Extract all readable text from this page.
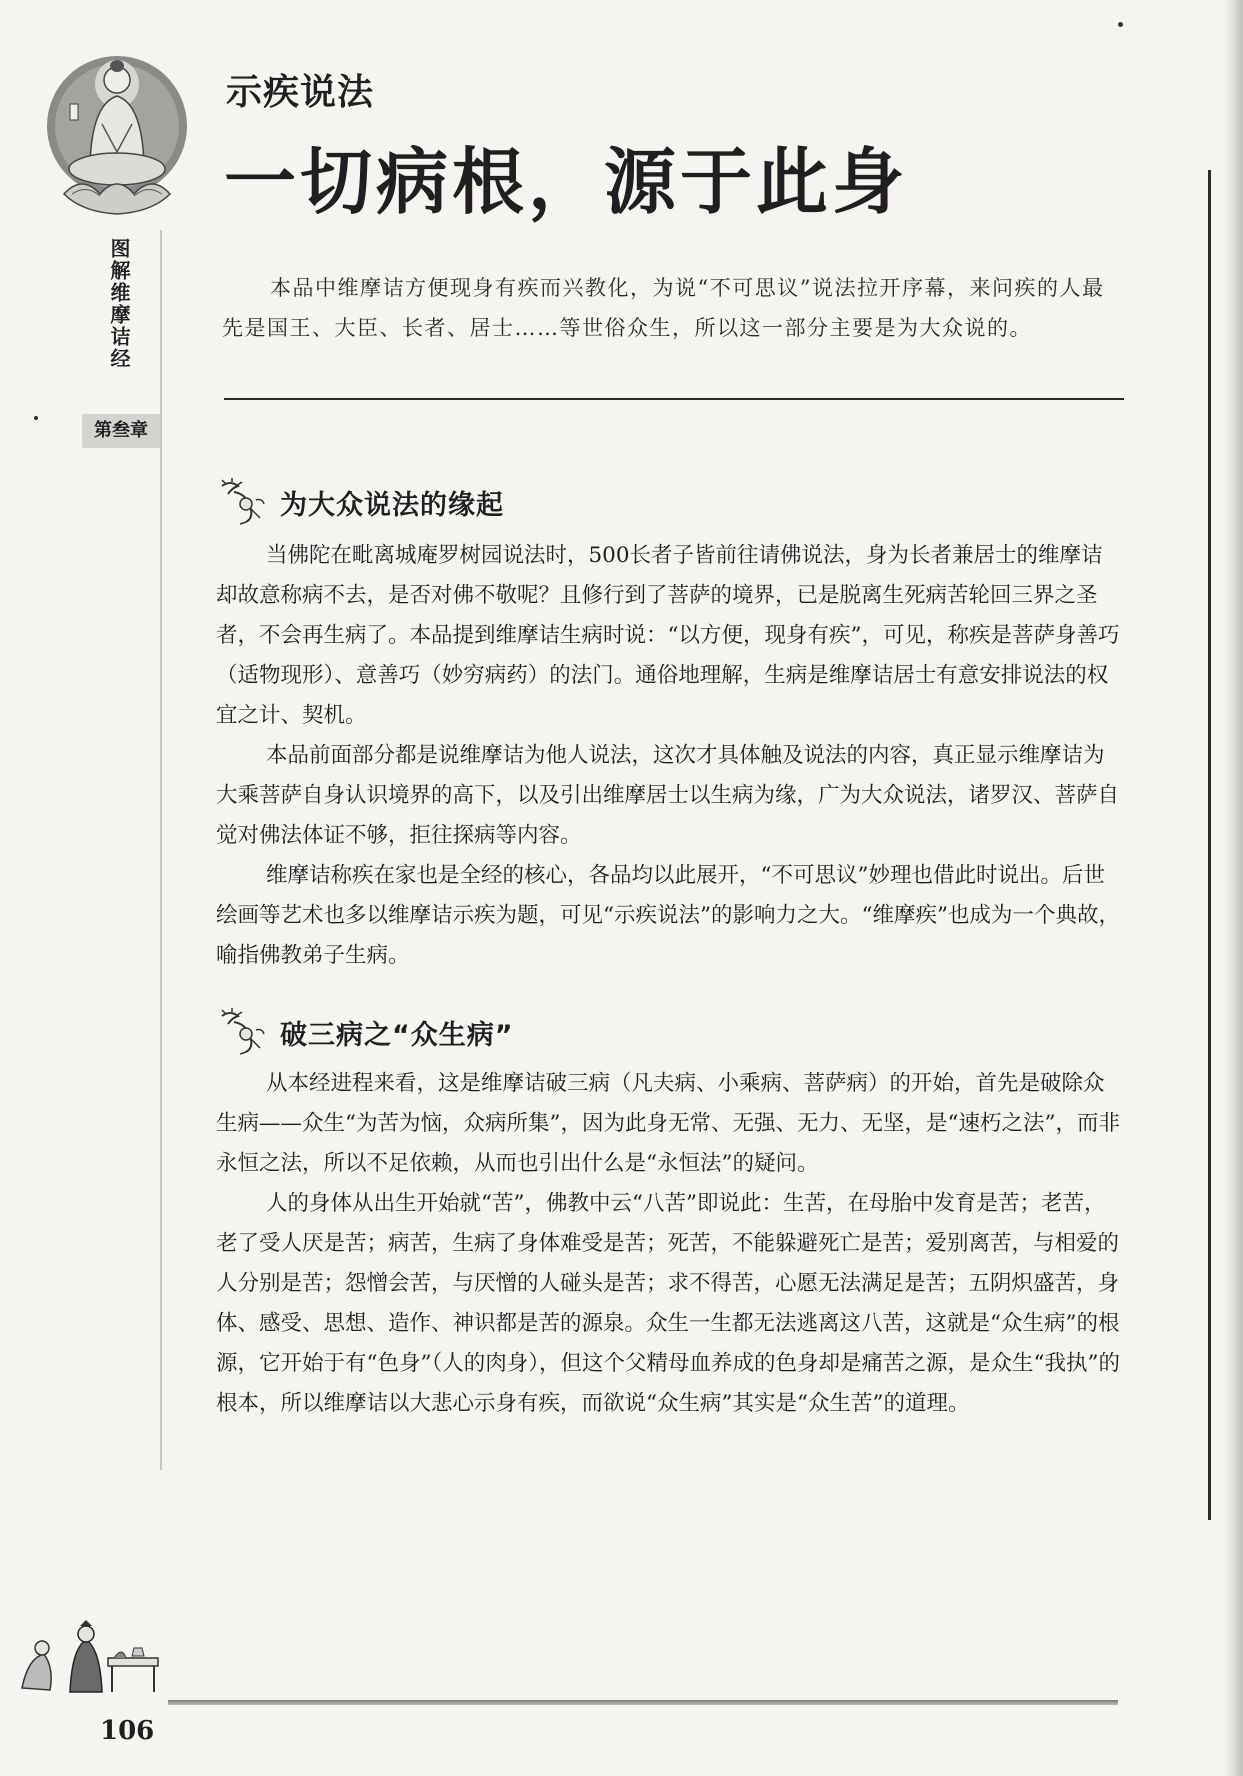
图解维摩诘经
第叁章
示疾说法
一切病根，源于此身
本品中维摩诘方便现身有疾而兴教化，为说“不可思议”说法拉开序幕，来问疾的人最先是国王、大臣、长者、居士……等世俗众生，所以这一部分主要是为大众说的。
为大众说法的缘起

当佛陀在毗离城庵罗树园说法时，500长者子皆前往请佛说法，身为长者兼居士的维摩诘却故意称病不去，是否对佛不敬呢？且修行到了菩萨的境界，已是脱离生死病苦轮回三界之圣者，不会再生病了。本品提到维摩诘生病时说：“以方便，现身有疾”，可见，称疾是菩萨身善巧（适物现形）、意善巧（妙穷病药）的法门。通俗地理解，生病是维摩诘居士有意安排说法的权宜之计、契机。

本品前面部分都是说维摩诘为他人说法，这次才具体触及说法的内容，真正显示维摩诘为大乘菩萨自身认识境界的高下，以及引出维摩居士以生病为缘，广为大众说法，诸罗汉、菩萨自觉对佛法体证不够，拒往探病等内容。

维摩诘称疾在家也是全经的核心，各品均以此展开，“不可思议”妙理也借此时说出。后世绘画等艺术也多以维摩诘示疾为题，可见“示疾说法”的影响力之大。“维摩疾”也成为一个典故，喻指佛教弟子生病。

破三病之“众生病”

从本经进程来看，这是维摩诘破三病（凡夫病、小乘病、菩萨病）的开始，首先是破除众生病——众生“为苦为恼，众病所集”，因为此身无常、无强、无力、无坚，是“速朽之法”，而非永恒之法，所以不足依赖，从而也引出什么是“永恒法”的疑问。

人的身体从出生开始就“苦”，佛教中云“八苦”即说此：生苦，在母胎中发育是苦；老苦，老了受人厌是苦；病苦，生病了身体难受是苦；死苦，不能躲避死亡是苦；爱别离苦，与相爱的人分别是苦；怨憎会苦，与厌憎的人碰头是苦；求不得苦，心愿无法满足是苦；五阴炽盛苦，身体、感受、思想、造作、神识都是苦的源泉。众生一生都无法逃离这八苦，这就是“众生病”的根源，它开始于有“色身”（人的肉身），但这个父精母血养成的色身却是痛苦之源，是众生“我执”的根本，所以维摩诘以大悲心示身有疾，而欲说“众生病”其实是“众生苦”的道理。

106
